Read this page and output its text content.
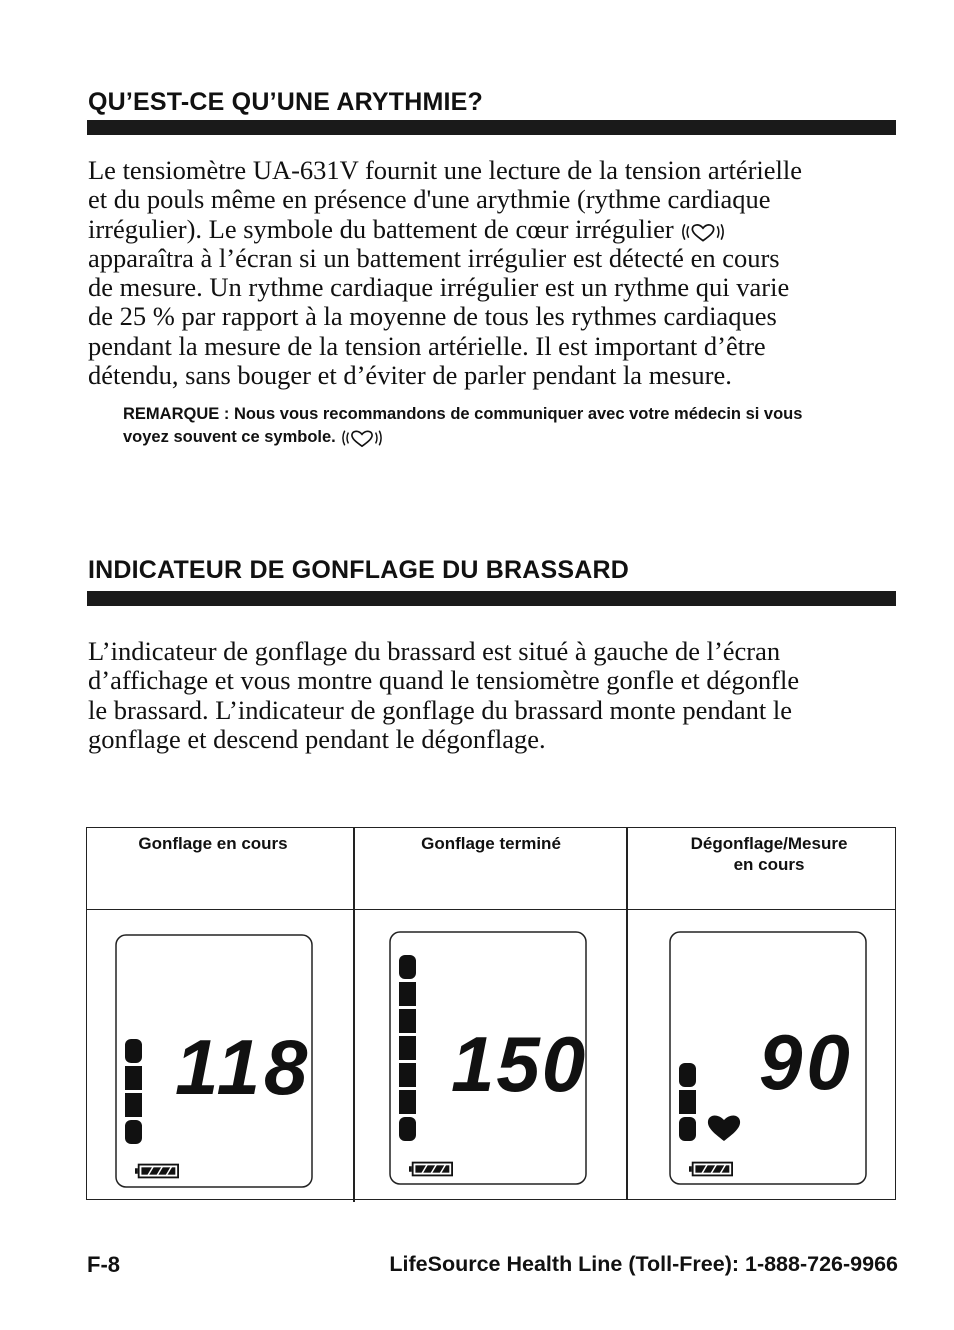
QU’EST-CE QU’UNE ARYTHMIE?
Le tensiomètre UA-631V fournit une lecture de la tension artérielle
et du pouls même en présence d'une arythmie (rythme cardiaque
irrégulier). Le symbole du battement de cœur irrégulier
apparaîtra à l’écran si un battement irrégulier est détecté en cours
de mesure. Un rythme cardiaque irrégulier est un rythme qui varie
de 25 % par rapport à la moyenne de tous les rythmes cardiaques
pendant la mesure de la tension artérielle. Il est important d’être
détendu, sans bouger et d’éviter de parler pendant la mesure.
REMARQUE : Nous vous recommandons de communiquer avec votre médecin si vous
voyez souvent ce symbole.
INDICATEUR DE GONFLAGE DU BRASSARD
L’indicateur de gonflage du brassard est situé à gauche de l’écran
d’affichage et vous montre quand le tensiomètre gonfle et dégonfle
le brassard. L’indicateur de gonflage du brassard monte pendant le
gonflage et descend pendant le dégonflage.
Gonflage en cours	Gonflage terminé	Dégonflage/Mesure
en cours
118 150 90
F-8	LifeSource Health Line (Toll-Free): 1-888-726-9966
